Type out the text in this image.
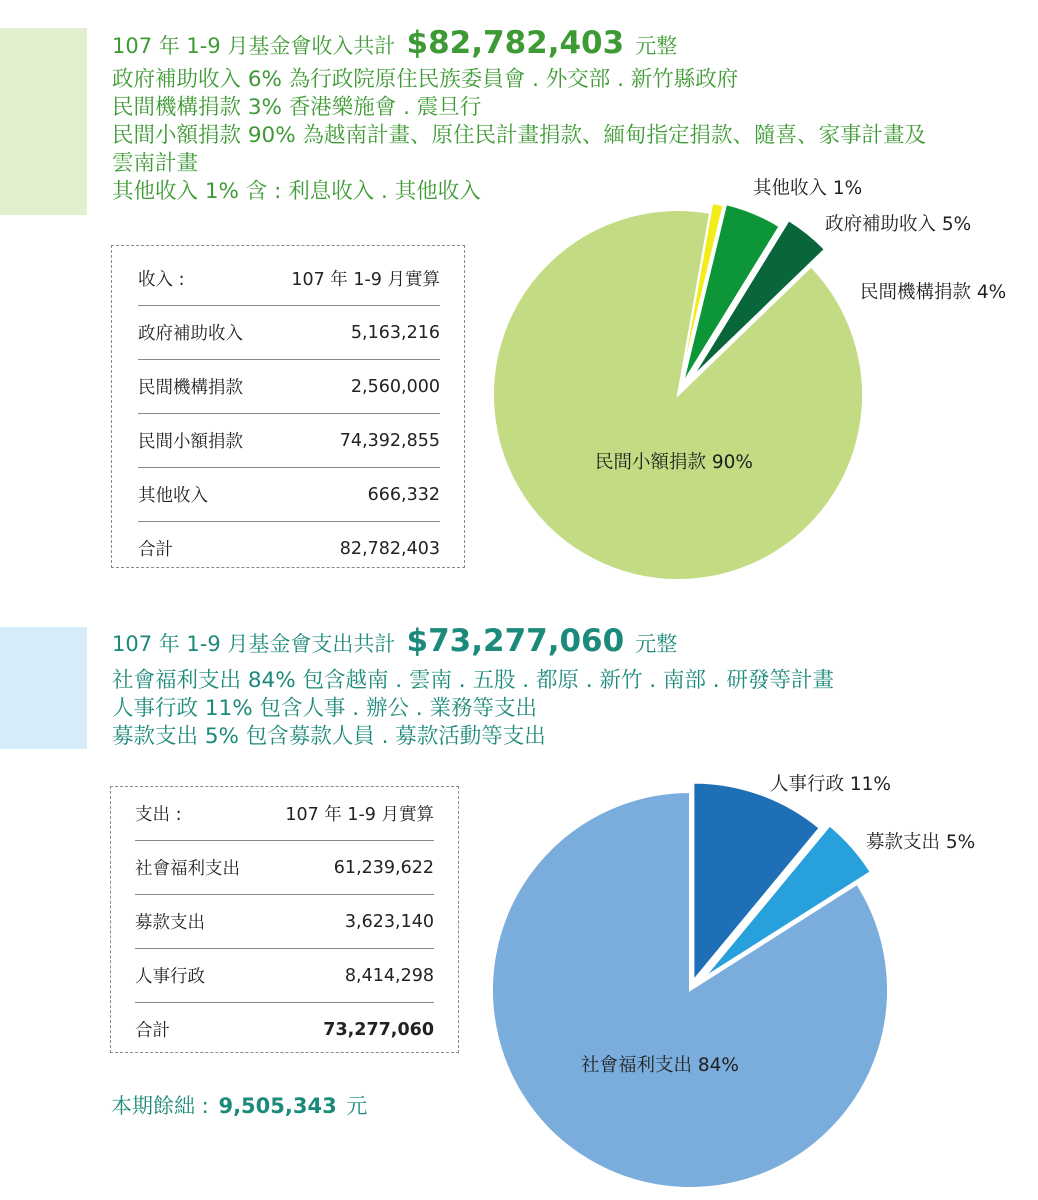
107 年 1-9 月基金會收入共計 $82,782,403 元整
政府補助收入 6% 為行政院原住民族委員會 . 外交部 . 新竹縣政府
民間機構捐款 3% 香港樂施會 . 震旦行
民間小額捐款 90% 為越南計畫、原住民計畫捐款、緬甸指定捐款、隨喜、家事計畫及
雲南計畫
其他收入 1% 含 : 利息收入 . 其他收入
收入 :	107 年 1-9 月實算
政府補助收入	5,163,216
民間機構捐款	2,560,000
民間小額捐款	74,392,855
其他收入	666,332
合計	82,782,403
107 年 1-9 月基金會支出共計 $73,277,060 元整
社會福利支出 84% 包含越南 . 雲南 . 五股 . 都原 . 新竹 . 南部 . 研發等計畫
人事行政 11% 包含人事 . 辦公 . 業務等支出
募款支出 5% 包含募款人員 . 募款活動等支出
支出 :	107 年 1-9 月實算
社會福利支出	61,239,622
募款支出	3,623,140
人事行政	8,414,298
合計	73,277,060
本期餘絀 : 9,505,343 元
民間小額捐款 90%
政府補助收入 5%
民間機構捐款 4%
其他收入 1%
社會福利支出 84%
人事行政 11%
募款支出 5%
